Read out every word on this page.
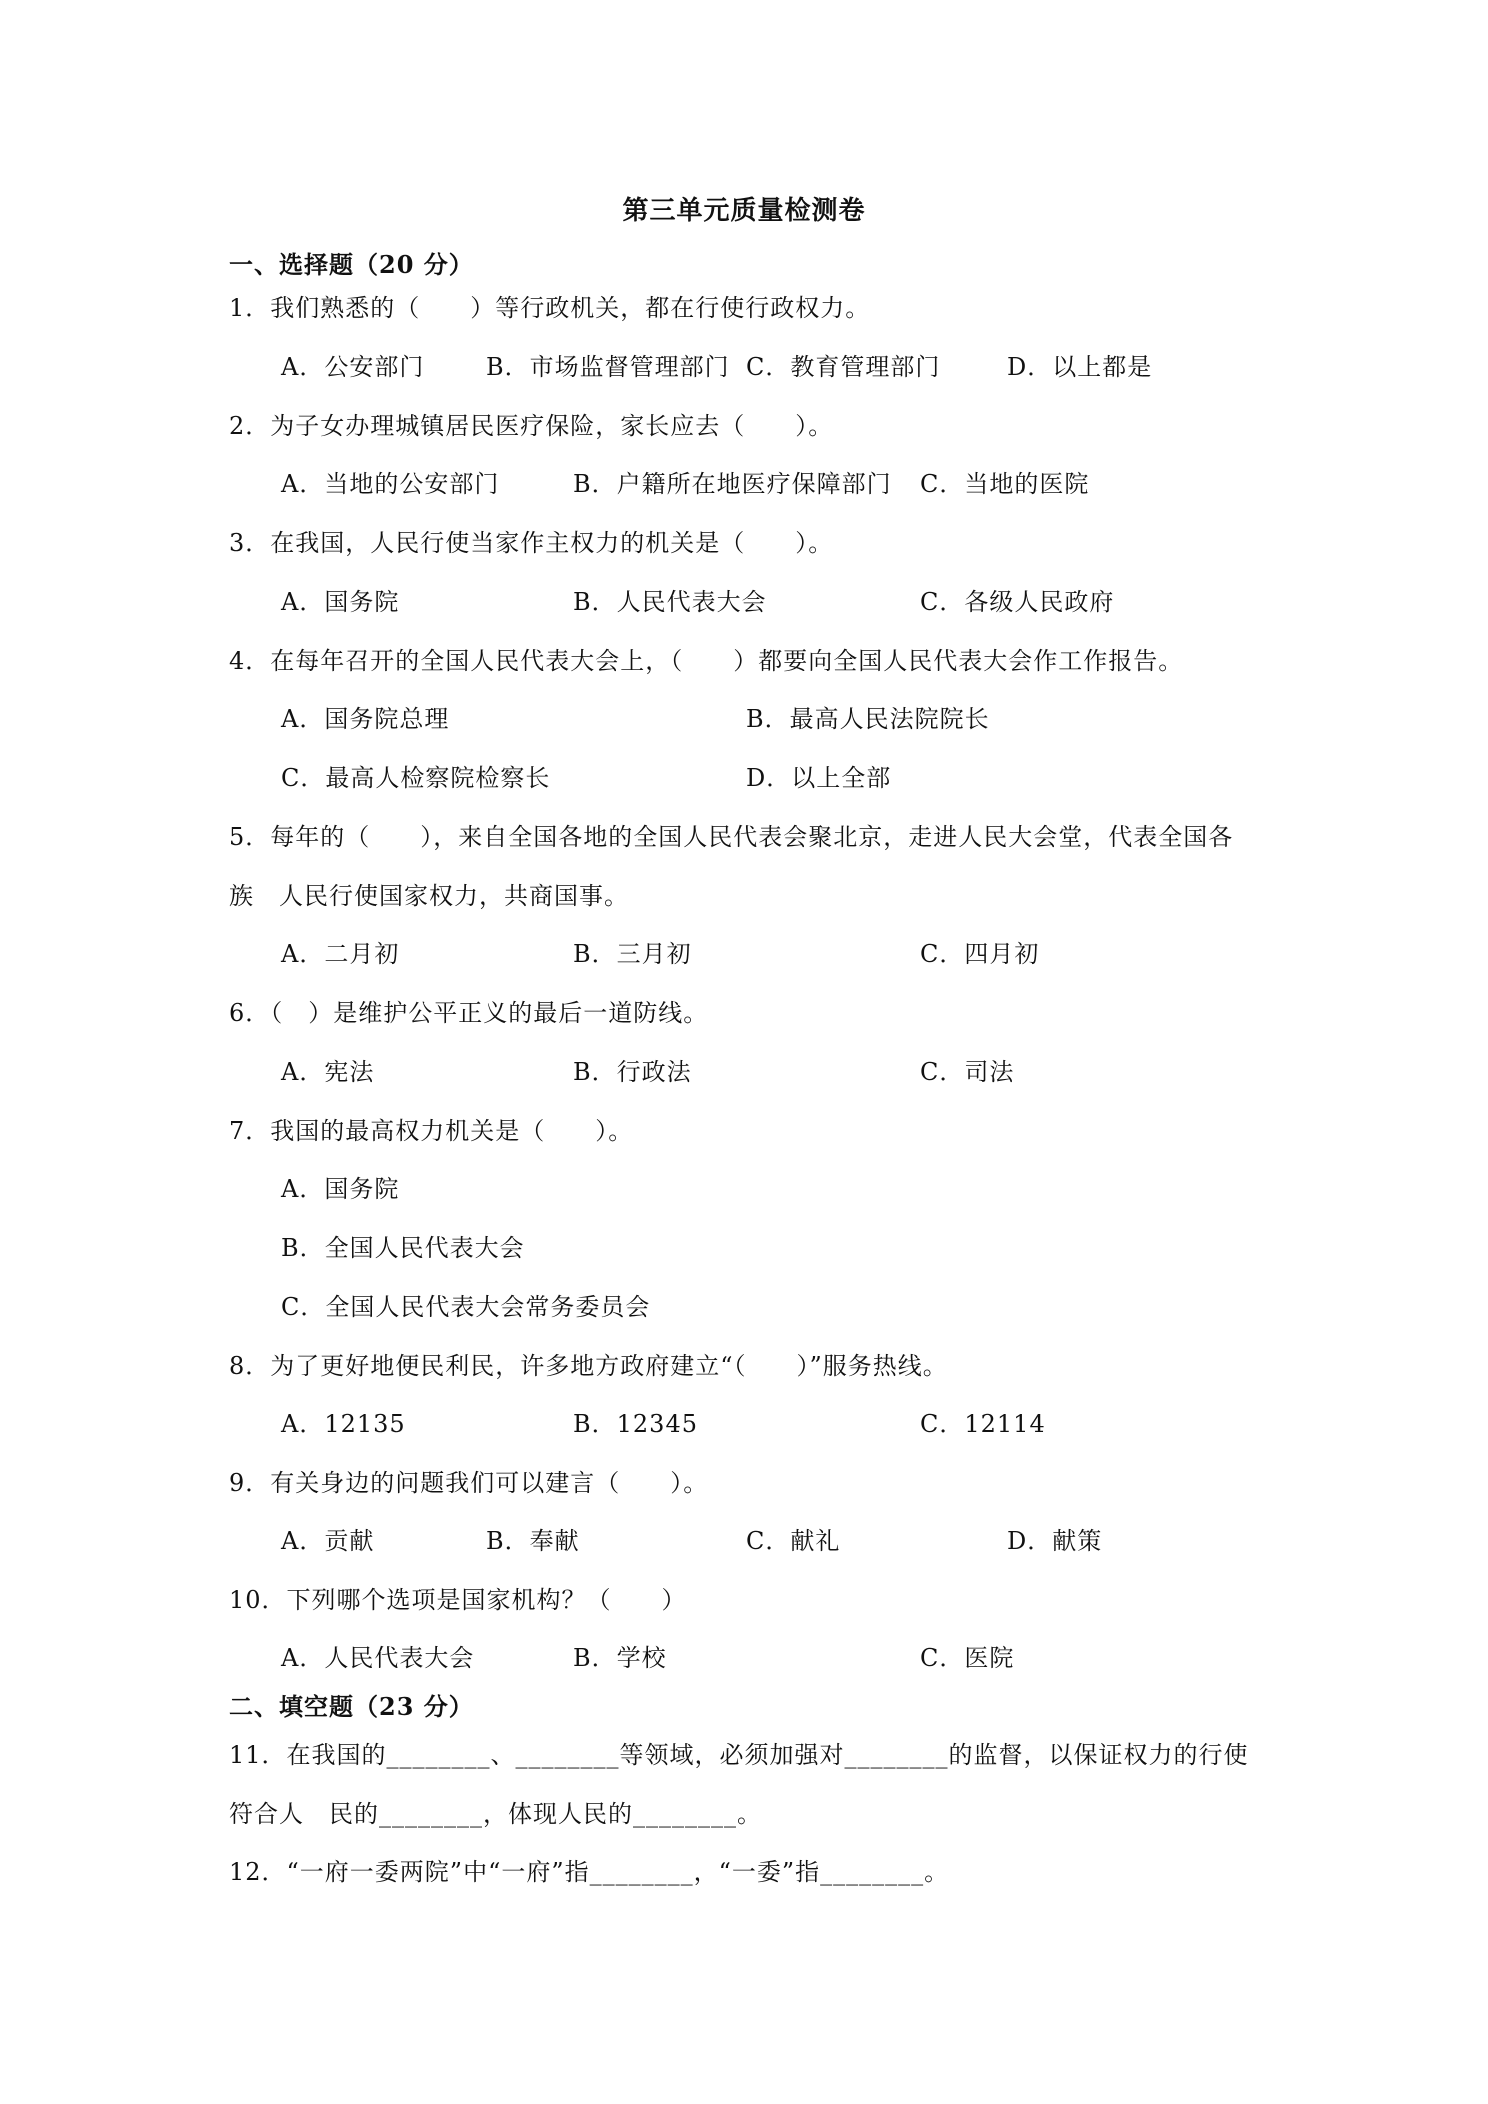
第三单元质量检测卷
一、选择题（20 分）
1．我们熟悉的（　　）等行政机关，都在行使行政权力。
A．公安部门	B．市场监督管理部门 C．教育管理部门	D．以上都是
2．为子女办理城镇居民医疗保险，家长应去（　　）。
A．当地的公安部门	B．户籍所在地医疗保障部门 C．当地的医院
3．在我国，人民行使当家作主权力的机关是（　　）。
A．国务院	B．人民代表大会	C．各级人民政府
4．在每年召开的全国人民代表大会上，（　　）都要向全国人民代表大会作工作报告。
A．国务院总理	B．最高人民法院院长
C．最高人检察院检察长	D．以上全部
5．每年的（　　），来自全国各地的全国人民代表会聚北京，走进人民大会堂，代表全国各
族　人民行使国家权力，共商国事。
A．二月初	B．三月初	C．四月初
6．（　）是维护公平正义的最后一道防线。
A．宪法	B．行政法	C．司法
7．我国的最高权力机关是（　　）。
A．国务院
B．全国人民代表大会
C．全国人民代表大会常务委员会
8．为了更好地便民利民，许多地方政府建立“（　　）”服务热线。
A．12135	B．12345	C．12114
9．有关身边的问题我们可以建言（　　）。
A．贡献	B．奉献	C．献礼	D．献策
10．下列哪个选项是国家机构？（　　）
A．人民代表大会	B．学校	C．医院
二、填空题（23 分）
11．在我国的________、________等领域，必须加强对________的监督，以保证权力的行使
符合人　民的________，体现人民的________。
12．“一府一委两院”中“一府”指________，“一委”指________。
